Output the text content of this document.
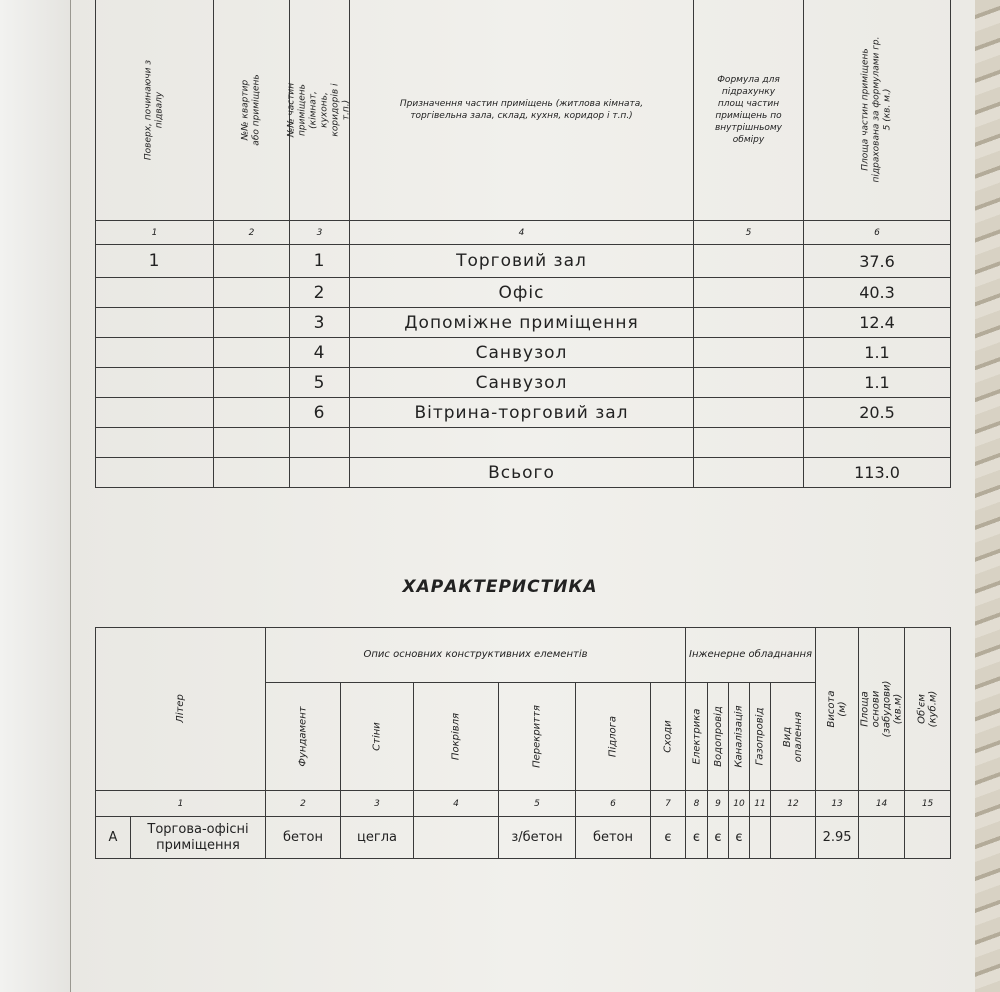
Поверх, починаючи з підвалу	№№ квартир або приміщень	№№ частин приміщень (кімнат, кухонь, коридорів і т.п.)	Призначення частин приміщень (житлова кімната, торгівельна зала, склад, кухня, коридор і т.п.)	Формула для підрахунку площ частин приміщень по внутрішньому обміру	Площа частин приміщень підрахована за формулами гр. 5 (кв. м.)

1	2	3	4	5	6
1		1	Торговий зал		37.6
		2	Офіс		40.3
		3	Допоміжне приміщення		12.4
		4	Санвузол		1.1
		5	Санвузол		1.1
		6	Вітрина-торговий зал		20.5

			Всього		113.0
ХАРАКТЕРИСТИКА
Літер		Опис основних конструктивних елементів						Інженерне обладнання					Висота (м)	Площа основи (забудови) (кв.м)	Об'єм (куб.м)

		Фундамент	Стіни	Покрівля	Перекриття	Підлога	Сходи	Електрика	Водопровід	Каналізація	Газопровід	Вид опалення			

1		2	3	4	5	6	7	8	9	10	11	12	13	14	15
А	Торгова-офісні приміщення	бетон	цегла		з/бетон	бетон	є	є	є	є			2.95		
